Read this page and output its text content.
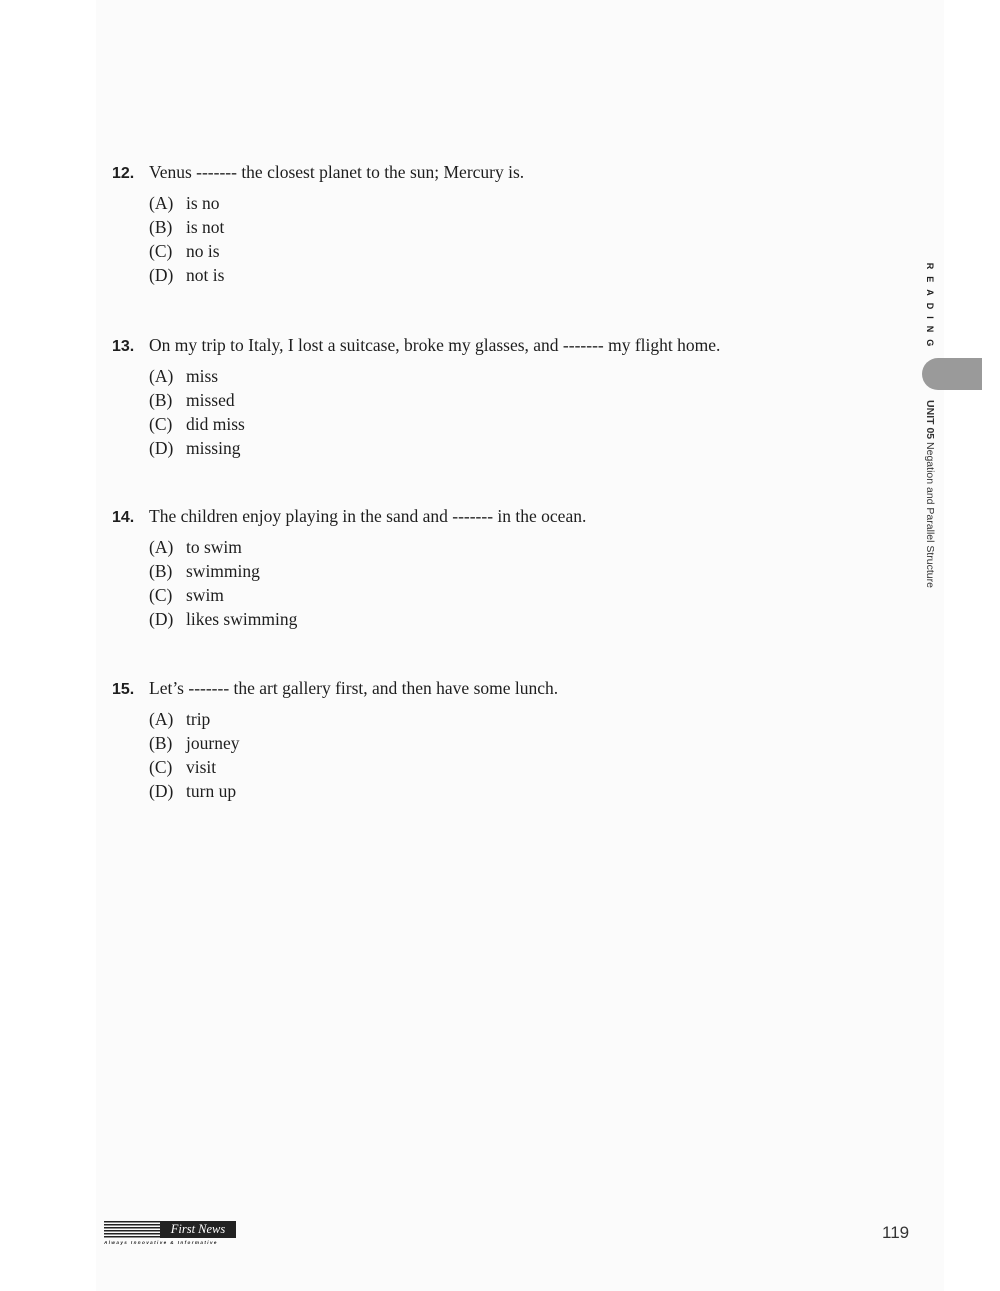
12. Venus ------- the closest planet to the sun; Mercury is.
(A) is no
(B) is not
(C) no is
(D) not is
13. On my trip to Italy, I lost a suitcase, broke my glasses, and ------- my flight home.
(A) miss
(B) missed
(C) did miss
(D) missing
14. The children enjoy playing in the sand and ------- in the ocean.
(A) to swim
(B) swimming
(C) swim
(D) likes swimming
15. Let’s ------- the art gallery first, and then have some lunch.
(A) trip
(B) journey
(C) visit
(D) turn up
READING
UNIT 05 Negation and Parallel Structure
First News
Always Innovative & Informative
119
